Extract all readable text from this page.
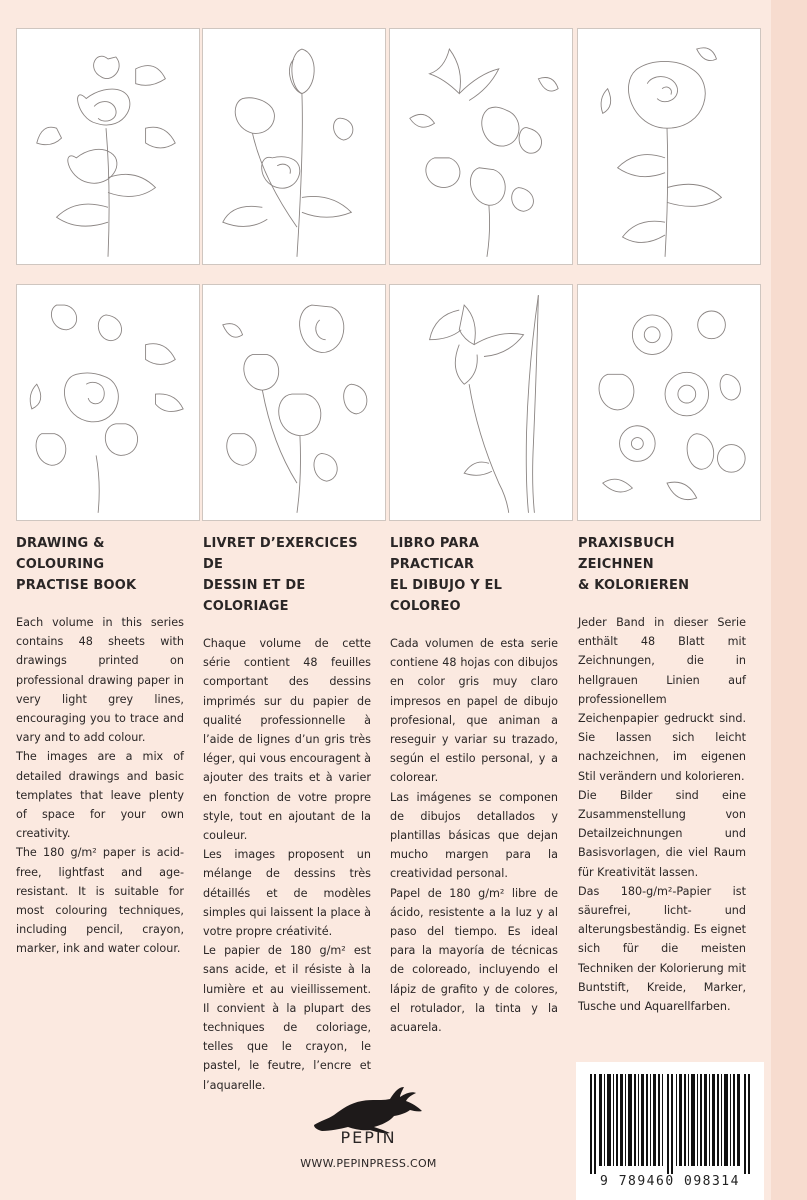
DRAWING & COLOURING
PRACTISE BOOK

Each volume in this series contains 48 sheets with drawings printed on professional drawing paper in very light grey lines, encouraging you to trace and vary and to add colour.

The images are a mix of detailed drawings and basic templates that leave plenty of space for your own creativity.

The 180 g/m² paper is acid-free, lightfast and age-resistant. It is suitable for most colouring techniques, including pencil, crayon, marker, ink and water colour.

LIVRET D’EXERCICES DE
DESSIN ET DE COLORIAGE

Chaque volume de cette série contient 48 feuilles comportant des dessins imprimés sur du papier de qualité professionnelle à l’aide de lignes d’un gris très léger, qui vous encouragent à ajouter des traits et à varier en fonction de votre propre style, tout en ajoutant de la couleur.

Les images proposent un mélange de dessins très détaillés et de modèles simples qui laissent la place à votre propre créativité.

Le papier de 180 g/m² est sans acide, et il résiste à la lumière et au vieillissement. Il convient à la plupart des techniques de coloriage, telles que le crayon, le pastel, le feutre, l’encre et l’aquarelle.

LIBRO PARA PRACTICAR
EL DIBUJO Y EL COLOREO

Cada volumen de esta serie contiene 48 hojas con dibujos en color gris muy claro impresos en papel de dibujo profesional, que animan a reseguir y variar su trazado, según el estilo personal, y a colorear.

Las imágenes se componen de dibujos detallados y plantillas básicas que dejan mucho margen para la creatividad personal.

Papel de 180 g/m² libre de ácido, resistente a la luz y al paso del tiempo. Es ideal para la mayoría de técnicas de coloreado, incluyendo el lápiz de grafito y de colores, el rotulador, la tinta y la acuarela.

PRAXISBUCH ZEICHNEN
& KOLORIEREN

Jeder Band in dieser Serie enthält 48 Blatt mit Zeichnungen, die in hellgrauen Linien auf professionellem Zeichenpapier gedruckt sind. Sie lassen sich leicht nachzeichnen, im eigenen Stil verändern und kolorieren.

Die Bilder sind eine Zusammenstellung von Detailzeichnungen und Basisvorlagen, die viel Raum für Kreativität lassen.

Das 180-g/m²-Papier ist säurefrei, licht- und alterungsbeständig. Es eignet sich für die meisten Techniken der Kolorierung mit Buntstift, Kreide, Marker, Tusche und Aquarellfarben.

PEPIN
WWW.PEPINPRESS.COM
9 789460 098314
